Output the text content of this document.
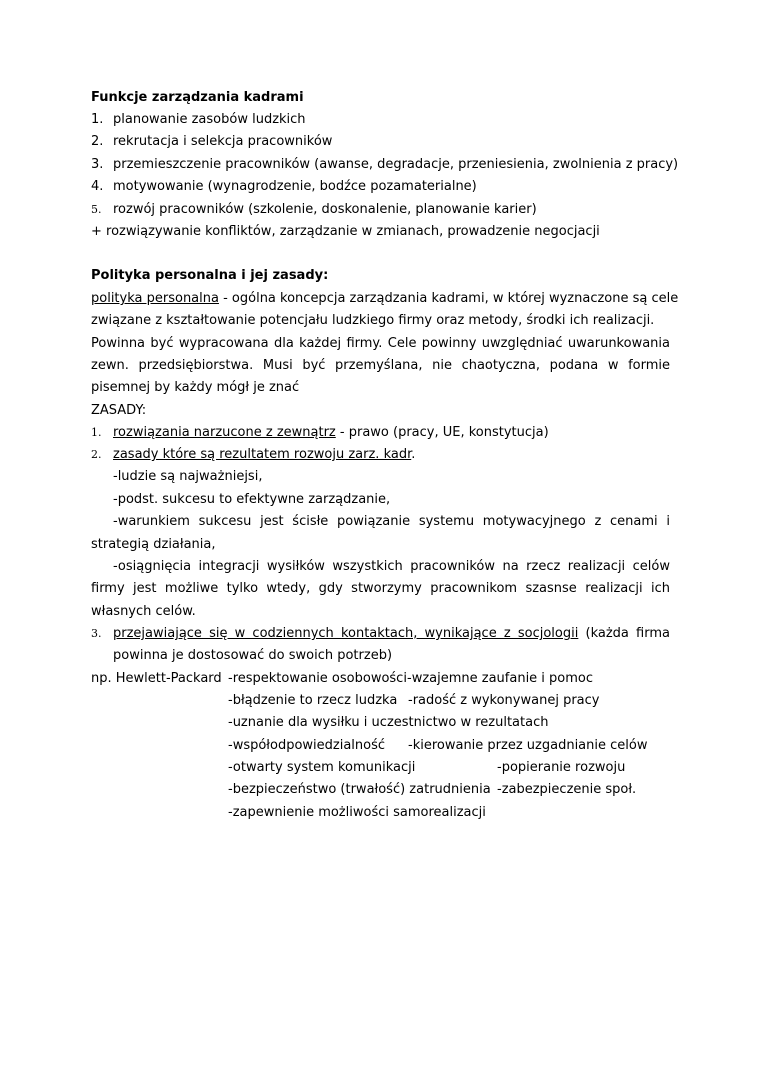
Funkcje zarządzania kadrami
1. planowanie zasobów ludzkich
2. rekrutacja i selekcja pracowników
3. przemieszczenie pracowników (awanse, degradacje, przeniesienia, zwolnienia z pracy)
4. motywowanie (wynagrodzenie, bodźce pozamaterialne)
5. rozwój pracowników (szkolenie, doskonalenie, planowanie karier)
+ rozwiązywanie konfliktów, zarządzanie w zmianach, prowadzenie negocjacji
Polityka personalna i jej zasady:
polityka personalna - ogólna koncepcja zarządzania kadrami, w której wyznaczone są cele
związane z kształtowanie potencjału ludzkiego firmy oraz metody, środki ich realizacji.
Powinna być wypracowana dla każdej firmy. Cele powinny uwzględniać uwarunkowania
zewn. przedsiębiorstwa. Musi być przemyślana, nie chaotyczna, podana w formie
pisemnej by każdy mógł je znać
ZASADY:
1. rozwiązania narzucone z zewnątrz - prawo (pracy, UE, konstytucja)
2. zasady które są rezultatem rozwoju zarz. kadr.
-ludzie są najważniejsi,
-podst. sukcesu to efektywne zarządzanie,
-warunkiem sukcesu jest ścisłe powiązanie systemu motywacyjnego z cenami i
strategią działania,
-osiągnięcia integracji wysiłków wszystkich pracowników na rzecz realizacji celów
firmy jest możliwe tylko wtedy, gdy stworzymy pracownikom szasnse realizacji ich
własnych celów.
3. przejawiające się w codziennych kontaktach, wynikające z socjologii (każda firma
powinna je dostosować do swoich potrzeb)
np. Hewlett-Packard -respektowanie osobowości -wzajemne zaufanie i pomoc
-błądzenie to rzecz ludzka -radość z wykonywanej pracy
-uznanie dla wysiłku i uczestnictwo w rezultatach
-współodpowiedzialność -kierowanie przez uzgadnianie celów
-otwarty system komunikacji	-popieranie rozwoju
-bezpieczeństwo (trwałość) zatrudnienia -zabezpieczenie społ.
-zapewnienie możliwości samorealizacji
